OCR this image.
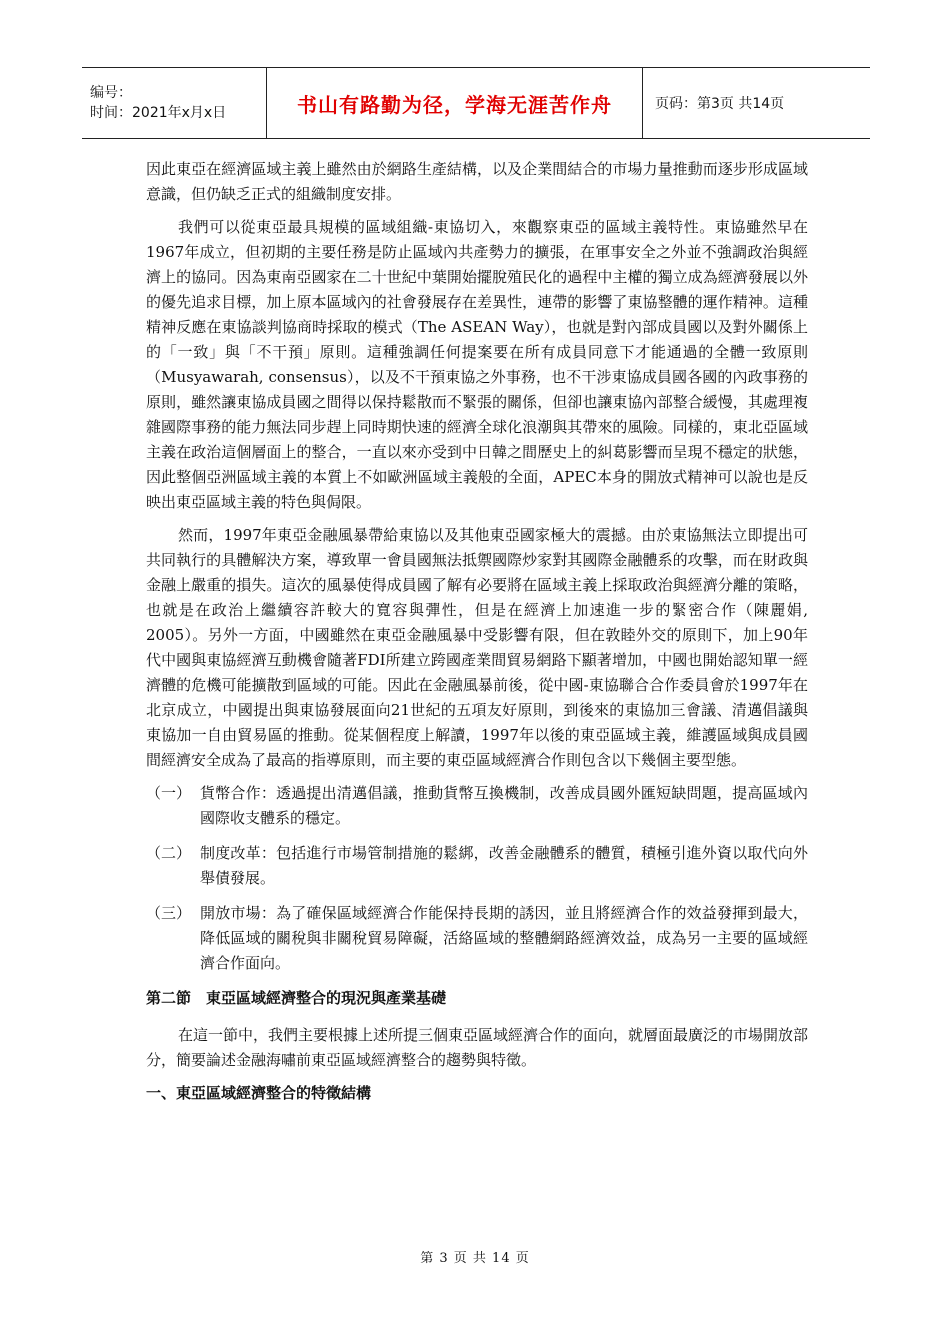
编号：
时间：2021年x月x日	书山有路勤为径，学海无涯苦作舟	页码：第3页 共14页

因此東亞在經濟區域主義上雖然由於網路生產結構，以及企業間結合的市場力量推動而逐步形成區域意識，但仍缺乏正式的組織制度安排。

我們可以從東亞最具規模的區域組織-東協切入，來觀察東亞的區域主義特性。東協雖然早在1967年成立，但初期的主要任務是防止區域內共產勢力的擴張，在軍事安全之外並不強調政治與經濟上的協同。因為東南亞國家在二十世紀中葉開始擺脫殖民化的過程中主權的獨立成為經濟發展以外的優先追求目標，加上原本區域內的社會發展存在差異性，連帶的影響了東協整體的運作精神。這種精神反應在東協談判協商時採取的模式（The ASEAN Way），也就是對內部成員國以及對外關係上的「一致」與「不干預」原則。這種強調任何提案要在所有成員同意下才能通過的全體一致原則（Musyawarah, consensus），以及不干預東協之外事務，也不干涉東協成員國各國的內政事務的原則，雖然讓東協成員國之間得以保持鬆散而不緊張的關係，但卻也讓東協內部整合緩慢，其處理複雜國際事務的能力無法同步趕上同時期快速的經濟全球化浪潮與其帶來的風險。同樣的，東北亞區域主義在政治這個層面上的整合，一直以來亦受到中日韓之間歷史上的糾葛影響而呈現不穩定的狀態，因此整個亞洲區域主義的本質上不如歐洲區域主義般的全面，APEC本身的開放式精神可以說也是反映出東亞區域主義的特色與侷限。

然而，1997年東亞金融風暴帶給東協以及其他東亞國家極大的震撼。由於東協無法立即提出可共同執行的具體解決方案，導致單一會員國無法抵禦國際炒家對其國際金融體系的攻擊，而在財政與金融上嚴重的損失。這次的風暴使得成員國了解有必要將在區域主義上採取政治與經濟分離的策略，也就是在政治上繼續容許較大的寬容與彈性，但是在經濟上加速進一步的緊密合作（陳麗娟, 2005）。另外一方面，中國雖然在東亞金融風暴中受影響有限，但在敦睦外交的原則下，加上90年代中國與東協經濟互動機會隨著FDI所建立跨國產業間貿易網路下顯著增加，中國也開始認知單一經濟體的危機可能擴散到區域的可能。因此在金融風暴前後，從中國-東協聯合合作委員會於1997年在北京成立，中國提出與東協發展面向21世紀的五項友好原則，到後來的東協加三會議、清邁倡議與東協加一自由貿易區的推動。從某個程度上解讀，1997年以後的東亞區域主義，維護區域與成員國間經濟安全成為了最高的指導原則，而主要的東亞區域經濟合作則包含以下幾個主要型態。

（一） 貨幣合作：透過提出清邁倡議，推動貨幣互換機制，改善成員國外匯短缺問題，提高區域內國際收支體系的穩定。
（二） 制度改革：包括進行市場管制措施的鬆綁，改善金融體系的體質，積極引進外資以取代向外舉債發展。
（三） 開放市場：為了確保區域經濟合作能保持長期的誘因，並且將經濟合作的效益發揮到最大，降低區域的關稅與非關稅貿易障礙，活絡區域的整體網路經濟效益，成為另一主要的區域經濟合作面向。
第二節　東亞區域經濟整合的現況與產業基礎

在這一節中，我們主要根據上述所提三個東亞區域經濟合作的面向，就層面最廣泛的市場開放部分，簡要論述金融海嘯前東亞區域經濟整合的趨勢與特徵。

一、東亞區域經濟整合的特徵結構
第 3 页 共 14 页
